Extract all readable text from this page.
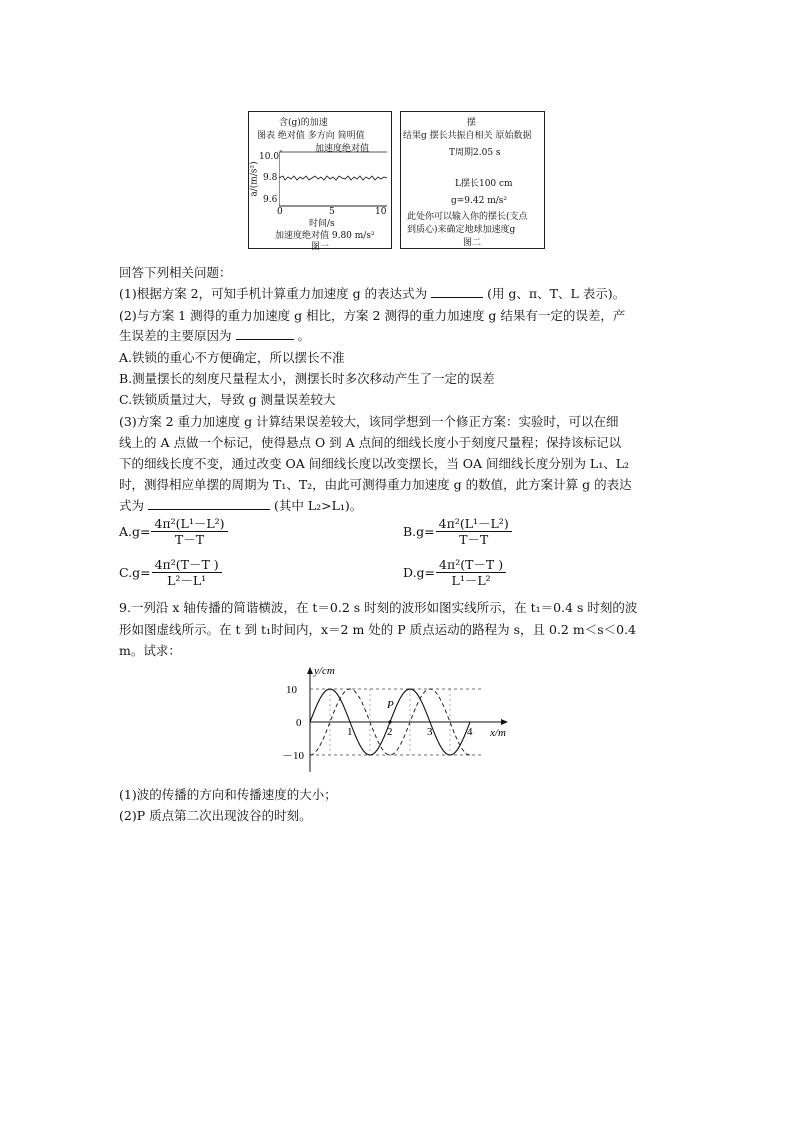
含(g)的加速
图表 绝对值 多方向 简明值
加速度绝对值
a/(m/s²)
10.0
9.8
9.6
0	5	10
时间/s
加速度绝对值 9.80 m/s²
图一
摆
结果g 摆长共振自相关 原始数据
T周期2.05 s
L摆长100 cm
g=9.42 m/s²
此处你可以输入你的摆长(支点
到质心)来确定地球加速度g
图二
回答下列相关问题：
(1)根据方案 2，可知手机计算重力加速度 g 的表达式为	(用 g、π、T、L 表示)。
(2)与方案 1 测得的重力加速度 g 相比，方案 2 测得的重力加速度 g 结果有一定的误差，产
生误差的主要原因为	。
A.铁锁的重心不方便确定，所以摆长不准
B.测量摆长的刻度尺量程太小，测摆长时多次移动产生了一定的误差
C.铁锁质量过大，导致 g 测量误差较大
(3)方案 2 重力加速度 g 计算结果误差较大，该同学想到一个修正方案：实验时，可以在细
线上的 A 点做一个标记，使得悬点 O 到 A 点间的细线长度小于刻度尺量程；保持该标记以
下的细线长度不变，通过改变 OA 间细线长度以改变摆长，当 OA 间细线长度分别为 L₁、L₂
时，测得相应单摆的周期为 T₁、T₂，由此可测得重力加速度 g 的数值，此方案计算 g 的表达
式为	(其中 L₂>L₁)。
$A.g= \frac{\text{4π²(L¹－L²)}}{T-T}$	$B.g= \frac{\text{4π²(L¹－L²)}}{T-T}$
$C.g= \frac{\text{4π²(T－T )}}{\text{L²－L¹}}$	$D.g= \frac{\text{4π²(T－T )}}{\text{L¹－L²}}$
9.一列沿 x 轴传播的简谐横波，在 t＝0.2 s 时刻的波形如图实线所示，在 t₁＝0.4 s 时刻的波
形如图虚线所示。在 t 到 t₁时间内，x＝2 m 处的 P 质点运动的路程为 s，且 0.2 m＜s＜0.4
m。试求：
10
0
－10
1	2	3	4
y/cm
x/m
P
(1)波的传播的方向和传播速度的大小；
(2)P 质点第二次出现波谷的时刻。
